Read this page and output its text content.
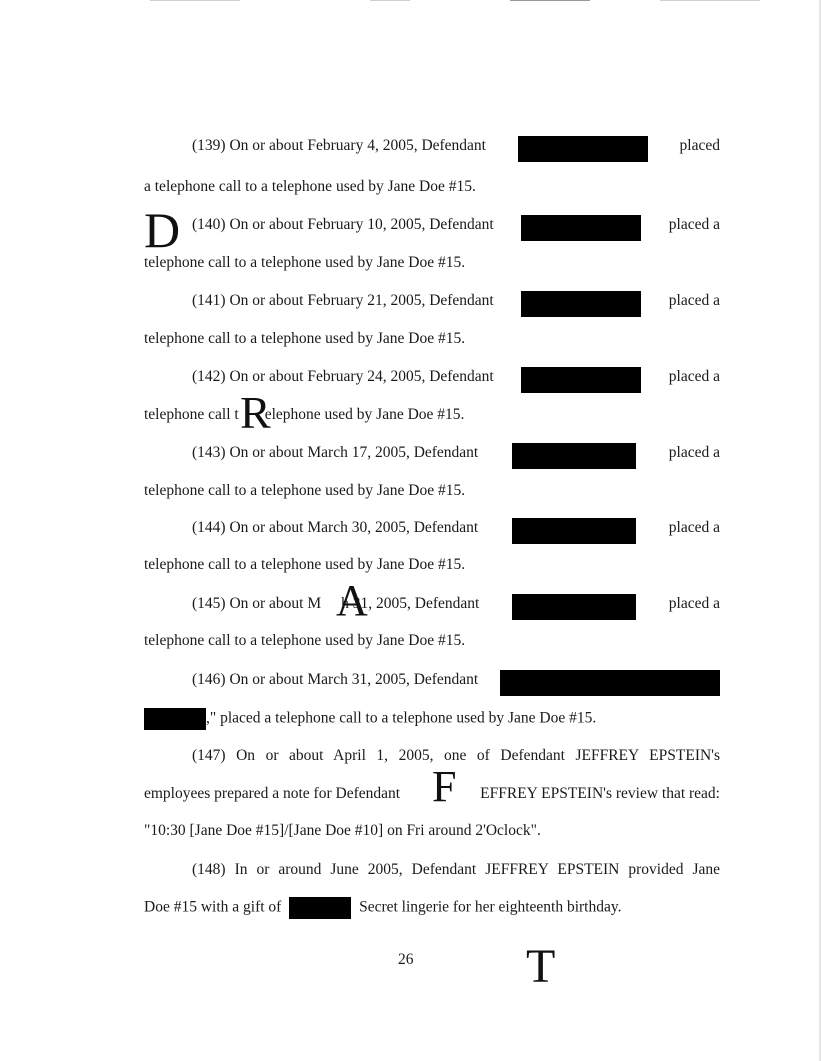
(139) On or about February 4, 2005, Defendant	placed
a telephone call to a telephone used by Jane Doe #15.
(140) On or about February 10, 2005, Defendant	placed a
telephone call to a telephone used by Jane Doe #15.
(141) On or about February 21, 2005, Defendant	placed a
telephone call to a telephone used by Jane Doe #15.
(142) On or about February 24, 2005, Defendant	placed a
telephone call t elephone used by Jane Doe #15.
(143) On or about March 17, 2005, Defendant	placed a
telephone call to a telephone used by Jane Doe #15.
(144) On or about March 30, 2005, Defendant	placed a
telephone call to a telephone used by Jane Doe #15.
(145) On or about M h 31, 2005, Defendant	placed a
telephone call to a telephone used by Jane Doe #15.
(146) On or about March 31, 2005, Defendant
," placed a telephone call to a telephone used by Jane Doe #15.
(147) On or about April 1, 2005, one of Defendant JEFFREY EPSTEIN's
employees prepared a note for Defendant	EFFREY EPSTEIN's review that read:
"10:30 [Jane Doe #15]/[Jane Doe #10] on Fri around 2'Oclock".
(148) In or around June 2005, Defendant JEFFREY EPSTEIN provided Jane
Doe #15 with a gift of	Secret lingerie for her eighteenth birthday.
D
R
A
F
T
26
